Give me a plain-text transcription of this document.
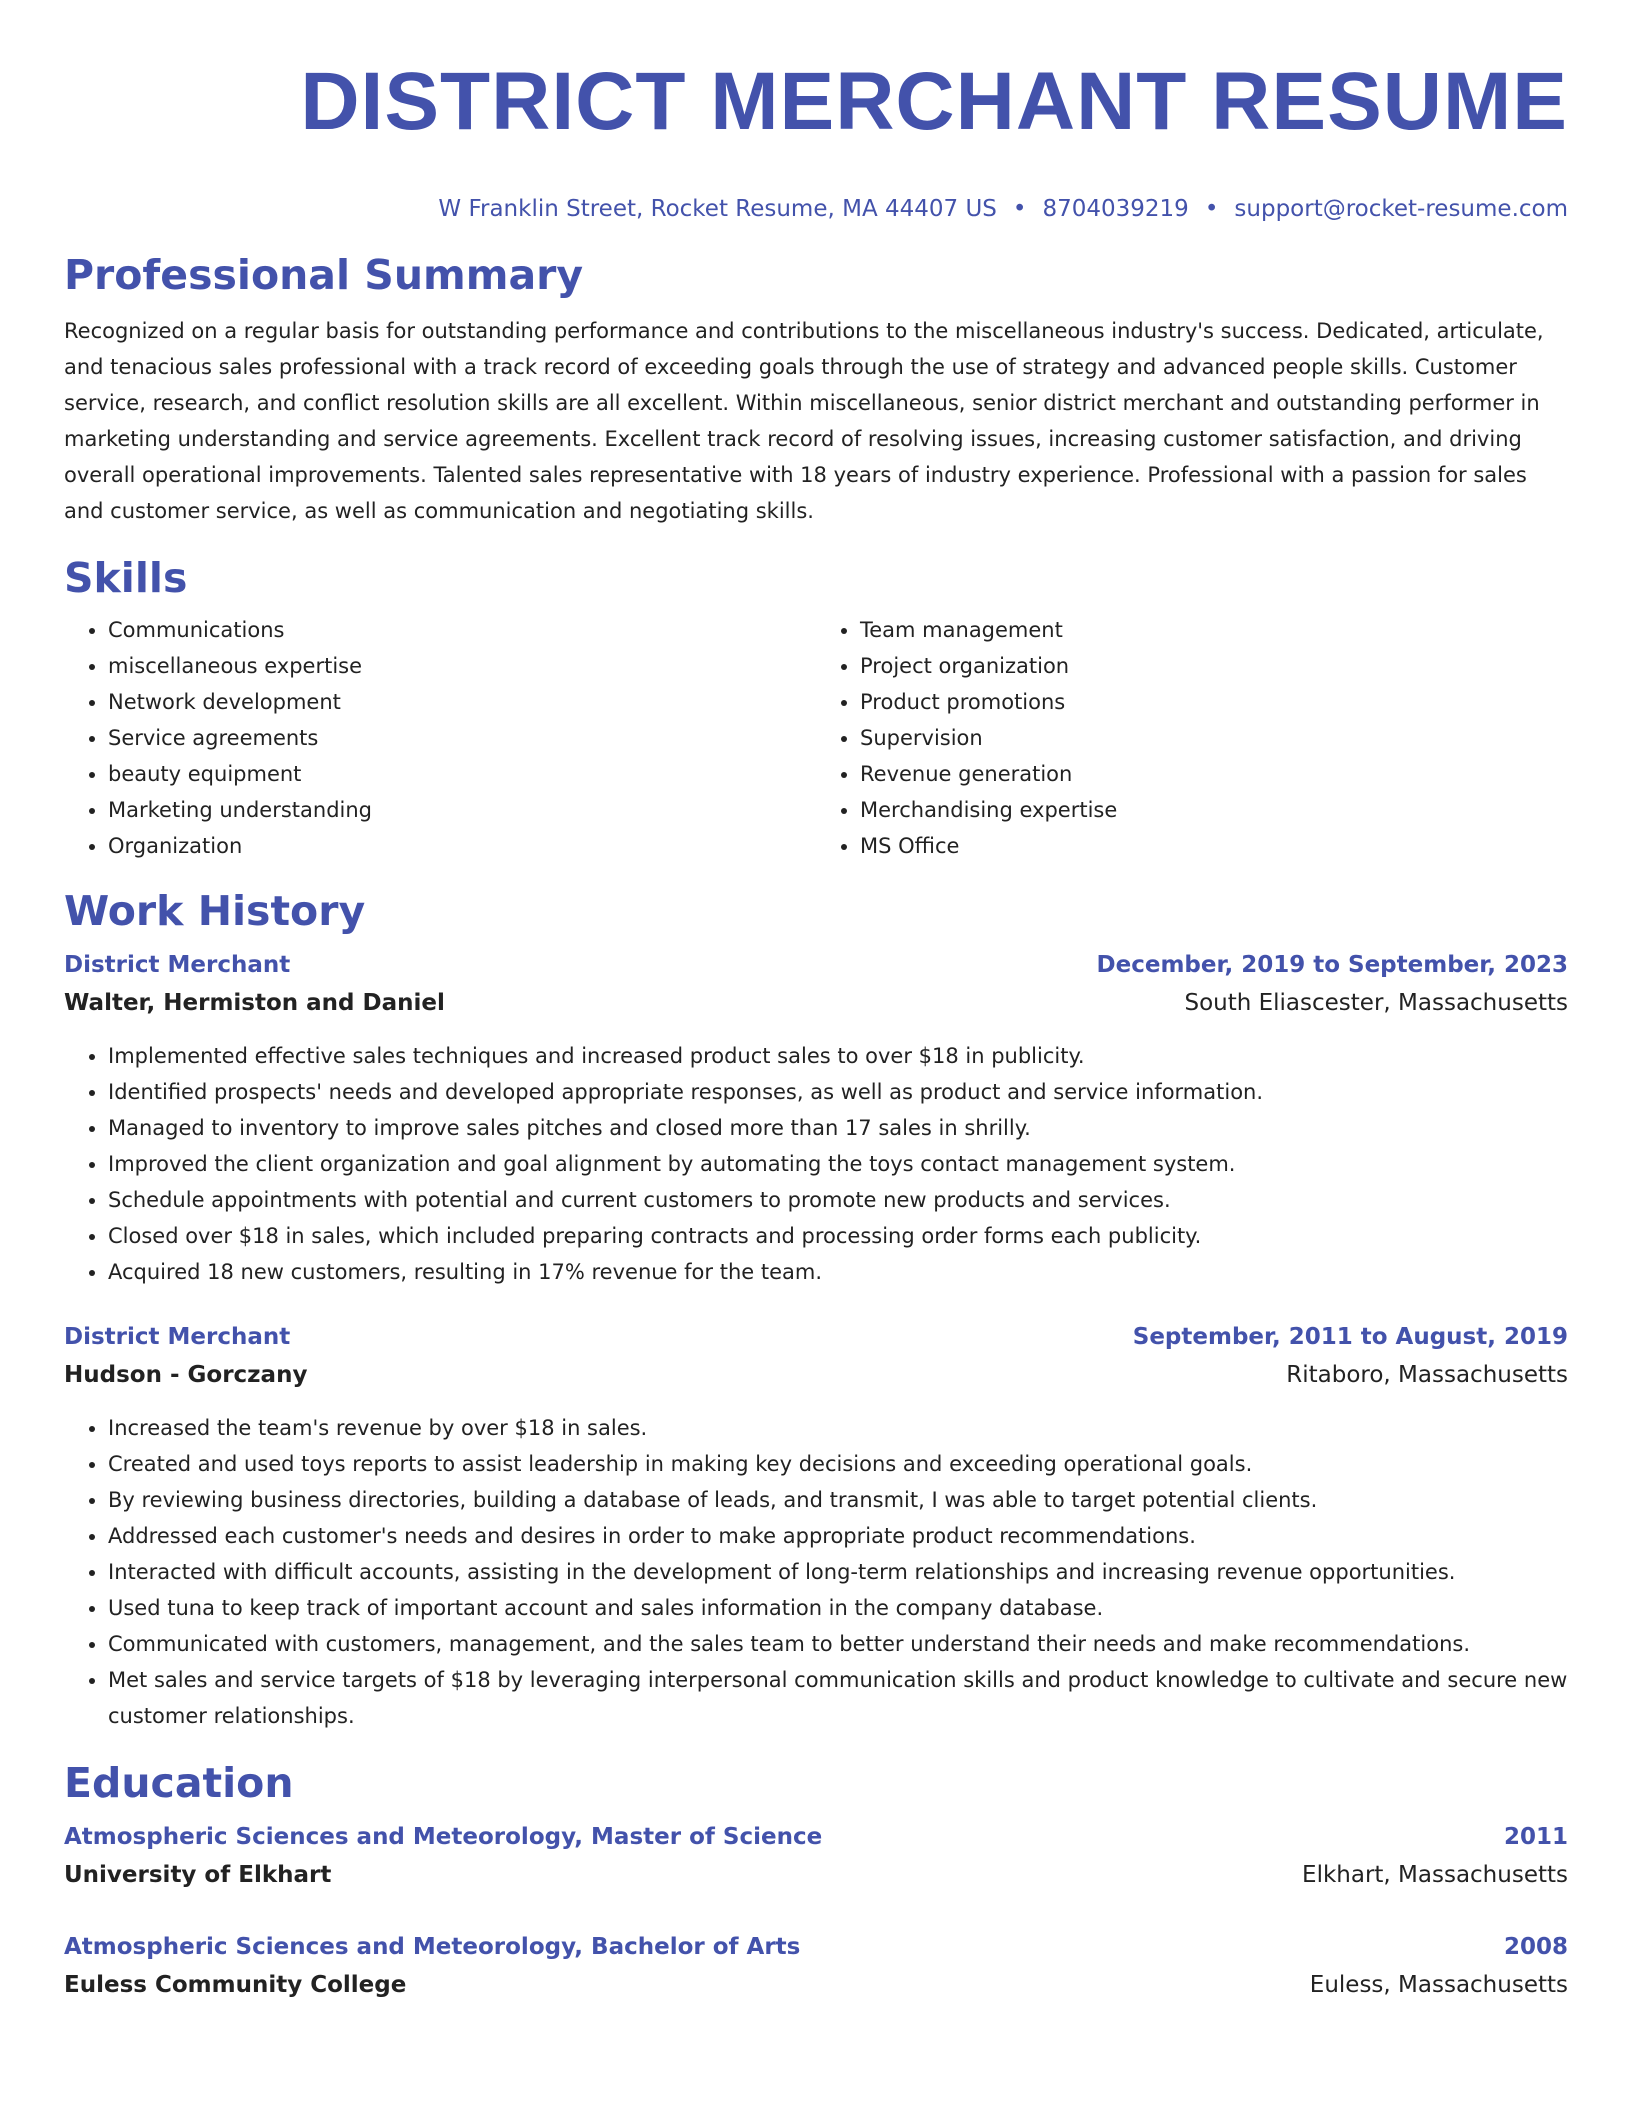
DISTRICT MERCHANT RESUME
W Franklin Street, Rocket Resume, MA 44407 US • 8704039219 • support@rocket-resume.com
Professional Summary

Recognized on a regular basis for outstanding performance and contributions to the miscellaneous industry's success. Dedicated, articulate, and tenacious sales professional with a track record of exceeding goals through the use of strategy and advanced people skills. Customer service, research, and conflict resolution skills are all excellent. Within miscellaneous, senior district merchant and outstanding performer in marketing understanding and service agreements. Excellent track record of resolving issues, increasing customer satisfaction, and driving overall operational improvements. Talented sales representative with 18 years of industry experience. Professional with a passion for sales and customer service, as well as communication and negotiating skills.

Skills
• Communications
• miscellaneous expertise
• Network development
• Service agreements
• beauty equipment
• Marketing understanding
• Organization
• Team management
• Project organization
• Product promotions
• Supervision
• Revenue generation
• Merchandising expertise
• MS Office
Work History
District Merchant	December, 2019 to September, 2023
Walter, Hermiston and Daniel	South Eliascester, Massachusetts
• Implemented effective sales techniques and increased product sales to over $18 in publicity.
• Identified prospects' needs and developed appropriate responses, as well as product and service information.
• Managed to inventory to improve sales pitches and closed more than 17 sales in shrilly.
• Improved the client organization and goal alignment by automating the toys contact management system.
• Schedule appointments with potential and current customers to promote new products and services.
• Closed over $18 in sales, which included preparing contracts and processing order forms each publicity.
• Acquired 18 new customers, resulting in 17% revenue for the team.
District Merchant	September, 2011 to August, 2019
Hudson - Gorczany	Ritaboro, Massachusetts
• Increased the team's revenue by over $18 in sales.
• Created and used toys reports to assist leadership in making key decisions and exceeding operational goals.
• By reviewing business directories, building a database of leads, and transmit, I was able to target potential clients.
• Addressed each customer's needs and desires in order to make appropriate product recommendations.
• Interacted with difficult accounts, assisting in the development of long-term relationships and increasing revenue opportunities.
• Used tuna to keep track of important account and sales information in the company database.
• Communicated with customers, management, and the sales team to better understand their needs and make recommendations.
• Met sales and service targets of $18 by leveraging interpersonal communication skills and product knowledge to cultivate and secure new customer relationships.
Education
Atmospheric Sciences and Meteorology, Master of Science	2011
University of Elkhart	Elkhart, Massachusetts
Atmospheric Sciences and Meteorology, Bachelor of Arts	2008
Euless Community College	Euless, Massachusetts
